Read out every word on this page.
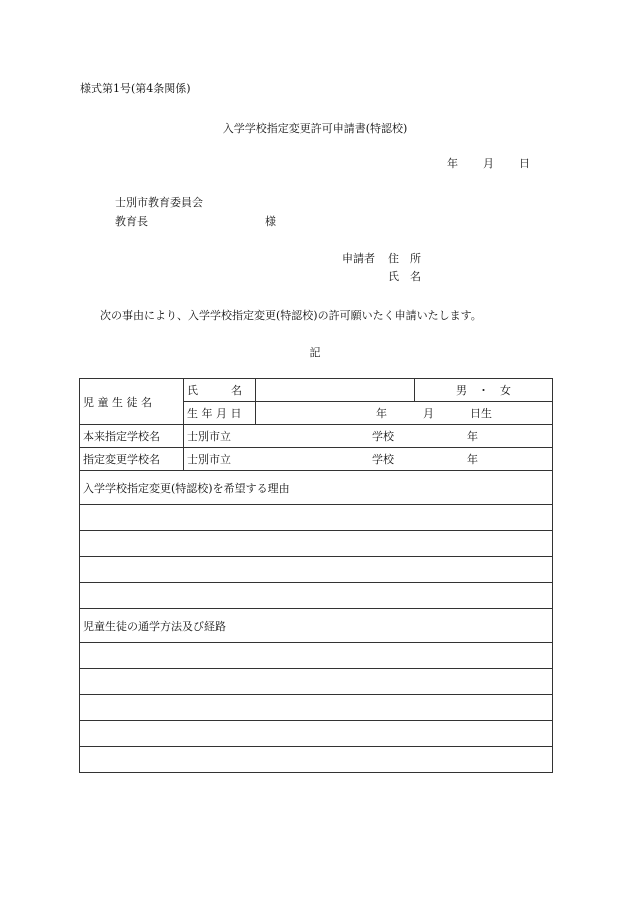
様式第1号(第4条関係)
入学学校指定変更許可申請書(特認校)
年 月 日
士別市教育委員会
教育長	様
申請者 住　所
氏　名
次の事由により、入学学校指定変更(特認校)の許可願いたく申請いたします。
記
児 童 生 徒 名	氏　　　名		男　・　女
	生 年 月 日	年 月 日生	

本来指定学校名	士別市立 学校 年		

指定変更学校名	士別市立 学校 年		

入学学校指定変更(特認校)を希望する理由			

児童生徒の通学方法及び経路			
